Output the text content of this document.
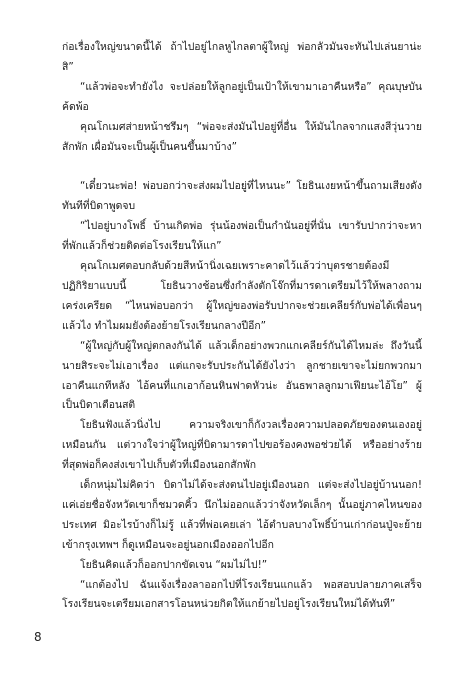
ก่อเรื่องใหญ่ขนาดนี้ได้ ถ้าไปอยู่ไกลหูไกลตาผู้ใหญ่ พ่อกลัวมันจะทันไปเล่นยาน่ะสิ”

“แล้วพ่อจะทำยังไง จะปล่อยให้ลูกอยู่เป็นเป้าให้เขามาเอาคืนหรือ” คุณบุษบันค้ดพ้อ

คุณโกเมศส่ายหน้าชรึมๆ “พ่อจะส่งมันไปอยู่ที่อื่น ให้มันไกลจากแสงสีวุ่นวายสักพัก เผื่อมันจะเป็นผู้เป็นคนขึ้นมาบ้าง”

“เดี๋ยวนะพ่อ! พ่อบอกว่าจะส่งผมไปอยู่ที่ไหนนะ” โยธินเงยหน้าขึ้นถามเสียงดังทันทีที่บิดาพูดจบ

“ไปอยู่บางโพธิ์ บ้านเกิดพ่อ รุ่นน้องพ่อเป็นกำนันอยู่ที่นั่น เขารับปากว่าจะหาที่พักแล้วก็ช่วยติดต่อโรงเรียนให้แก”

คุณโกเมศตอบกลับด้วยสีหน้านิ่งเฉยเพราะคาดไว้แล้วว่าบุตรชายต้องมีปฏิกิริยาแบบนี้ โยธินวางช้อนซึ่งกำลังตักโจ๊กที่มารดาเตรียมไว้ให้พลางถามเคร่งเครียด “ไหนพ่อบอกว่า ผู้ใหญ่ของพ่อรับปากจะช่วยเคลียร์กับพ่อได้เพื่อนๆ แล้วไง ทำไมผมยังต้องย้ายโรงเรียนกลางปีอีก”

“ผู้ใหญ่กับผู้ใหญ่ตกลงกันได้ แล้วเด็กอย่างพวกแกเคลียร์กันได้ไหมล่ะ ถึงวันนี้นายสิระจะไม่เอาเรื่อง แต่แกจะรับประกันได้ยังไงว่า ลูกชายเขาจะไม่ยกพวกมาเอาคืนแกทีหลัง ไอ้คนที่แกเอาก้อนหินฟาดหัวน่ะ อันธพาลลูกมาเฟียนะไอ้โย” ผู้เป็นบิดาเตือนสติ

โยธินฟังแล้วนิ่งไป ความจริงเขาก็กังวลเรื่องความปลอดภัยของตนเองอยู่เหมือนกัน แต่วางใจว่าผู้ใหญ่ที่บิดามารดาไปขอร้องคงพอช่วยได้ หรืออย่างร้ายที่สุดพ่อก็คงส่งเขาไปเก็บตัวที่เมืองนอกสักพัก

เด็กหนุ่มไม่คิดว่า บิดาไม่ได้จะส่งตนไปอยู่เมืองนอก แต่จะส่งไปอยู่บ้านนอก! แค่เอ่ยชื่อจังหวัดเขาก็ชมวดคิ้ว นึกไม่ออกแล้วว่าจังหวัดเล็กๆ นั้นอยู่ภาคไหนของประเทศ มิอะไรบ้างก็ไม่รู้ แล้วที่พ่อเคยเล่า ไอ้ตำบลบางโพธิ์บ้านเก่าก่อนปู่จะย้ายเข้ากรุงเทพฯ ก็ดูเหมือนจะอยู่นอกเมืองออกไปอีก

โยธินคิดแล้วก็ออกปากขัดเจน “ผมไม่ไป!”

“แกต้องไป ฉันแจ้งเรื่องลาออกไปที่โรงเรียนแกแล้ว พอสอบปลายภาคเสร็จ โรงเรียนจะเตรียมเอกสารโอนหน่วยกิตให้แกย้ายไปอยู่โรงเรียนใหม่ได้ทันที”

8
